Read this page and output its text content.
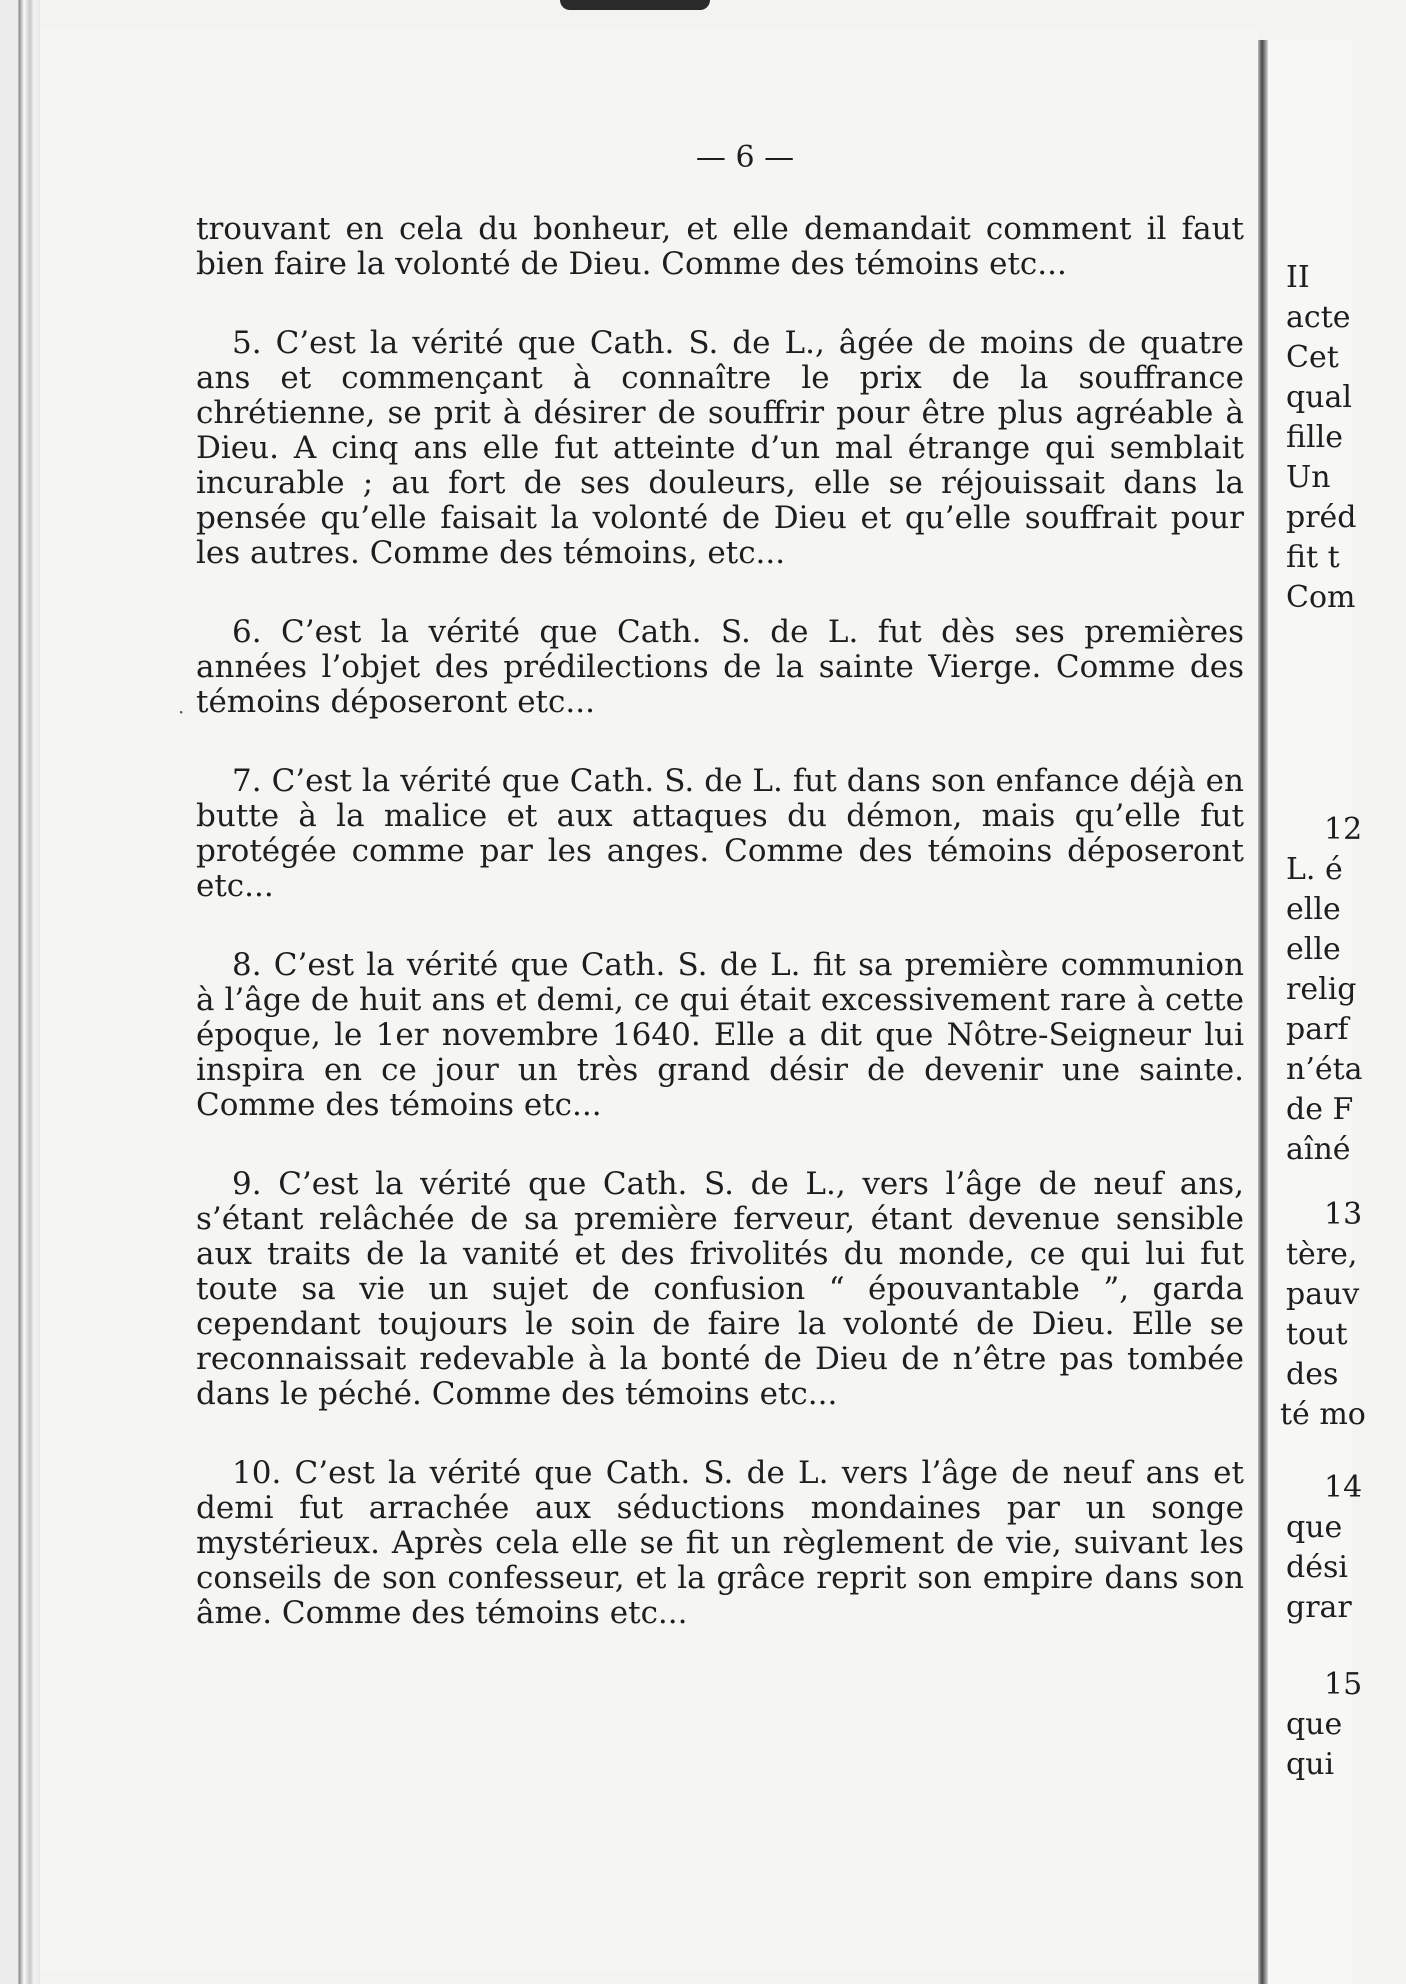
— 6 —

trouvant en cela du bonheur, et elle demandait comment il faut bien faire la volonté de Dieu. Comme des témoins etc...

5. C’est la vérité que Cath. S. de L., âgée de moins de quatre ans et commençant à connaître le prix de la souffrance chrétienne, se prit à désirer de souffrir pour être plus agréable à Dieu. A cinq ans elle fut atteinte d’un mal étrange qui semblait incurable ; au fort de ses douleurs, elle se réjouissait dans la pensée qu’elle faisait la volonté de Dieu et qu’elle souffrait pour les autres. Comme des témoins, etc...

6. C’est la vérité que Cath. S. de L. fut dès ses premières années l’objet des prédilections de la sainte Vierge. Comme des témoins déposeront etc...

7. C’est la vérité que Cath. S. de L. fut dans son enfance déjà en butte à la malice et aux attaques du démon, mais qu’elle fut protégée comme par les anges. Comme des témoins déposeront etc...

8. C’est la vérité que Cath. S. de L. fit sa première communion à l’âge de huit ans et demi, ce qui était excessivement rare à cette époque, le 1er novembre 1640. Elle a dit que Nôtre-Seigneur lui inspira en ce jour un très grand désir de devenir une sainte. Comme des témoins etc...

9. C’est la vérité que Cath. S. de L., vers l’âge de neuf ans, s’étant relâchée de sa première ferveur, étant devenue sensible aux traits de la vanité et des frivolités du monde, ce qui lui fut toute sa vie un sujet de confusion “ épouvantable ”, garda cependant toujours le soin de faire la volonté de Dieu. Elle se reconnaissait redevable à la bonté de Dieu de n’être pas tombée dans le péché. Comme des témoins etc...

10. C’est la vérité que Cath. S. de L. vers l’âge de neuf ans et demi fut arrachée aux séductions mondaines par un songe mystérieux. Après cela elle se fit un règlement de vie, suivant les conseils de son confesseur, et la grâce reprit son empire dans son âme. Comme des témoins etc...

II
acte
Cet
qual
fille
Un
préd
fit t
Com
12
L. é
elle
elle
relig
parf
n’éta
de F
aîné
13
tère,
pauv
tout
des
té mo
14
que
dési
grar
15
que
qui
·
